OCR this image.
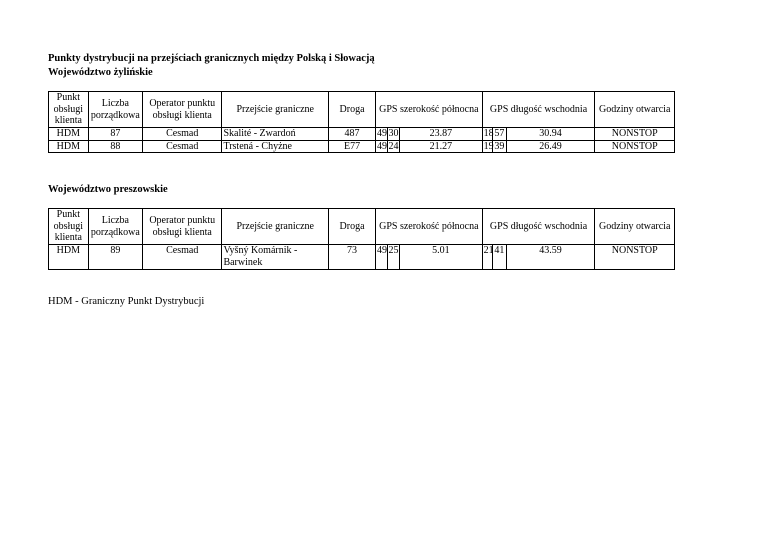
Punkty dystrybucji na przejściach granicznych między Polską i Słowacją
Województwo żylińskie
Punkt obsługi klienta	Liczba porządkowa	Operator punktu obsługi klienta	Przejście graniczne	Droga	GPS szerokość północna			GPS długość wschodnia			Godziny otwarcia
HDM	87	Cesmad	Skalité - Zwardoń	487	49	30	23.87	18	57	30.94	NONSTOP
HDM	88	Cesmad	Trstená - Chyżne	E77	49	24	21.27	19	39	26.49	NONSTOP
Województwo preszowskie
Punkt obsługi klienta	Liczba porządkowa	Operator punktu obsługi klienta	Przejście graniczne	Droga	GPS szerokość północna			GPS długość wschodnia			Godziny otwarcia
HDM	89	Cesmad	Vyšný Komárnik - Barwinek	73	49	25	5.01	21	41	43.59	NONSTOP
HDM - Graniczny Punkt Dystrybucji
